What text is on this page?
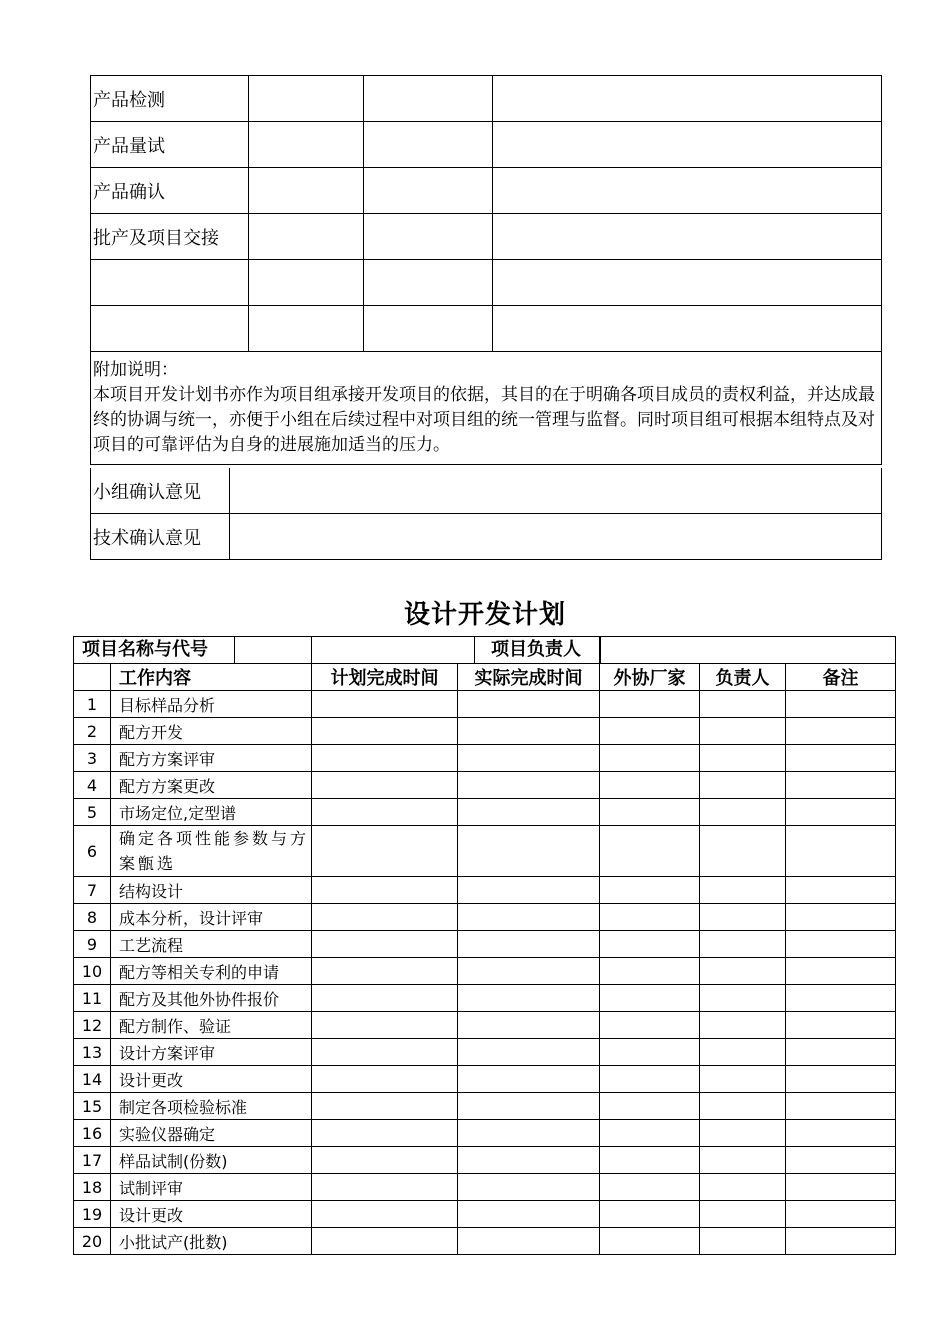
产品检测			
产品量试			
产品确认			
批产及项目交接			

附加说明：
本项目开发计划书亦作为项目组承接开发项目的依据，其目的在于明确各项目成员的责权利益，并达成最终的协调与统一，亦便于小组在后续过程中对项目组的统一管理与监督。同时项目组可根据本组特点及对项目的可靠评估为自身的进展施加适当的压力。			
小组确认意见	
技术确认意见	
设计开发计划
项目名称与代号		项目负责人				

	工作内容	计划完成时间	实际完成时间	外协厂家	负责人	备注
1	目标样品分析					
2	配方开发					
3	配方方案评审					
4	配方方案更改					
5	市场定位,定型谱					
6	确定各项性能参数与方案甑选					
7	结构设计					
8	成本分析，设计评审					
9	工艺流程					
10	配方等相关专利的申请					
11	配方及其他外协件报价					
12	配方制作、验证					
13	设计方案评审					
14	设计更改					
15	制定各项检验标准					
16	实验仪器确定					
17	样品试制(份数)					
18	试制评审					
19	设计更改					
20	小批试产(批数)					
